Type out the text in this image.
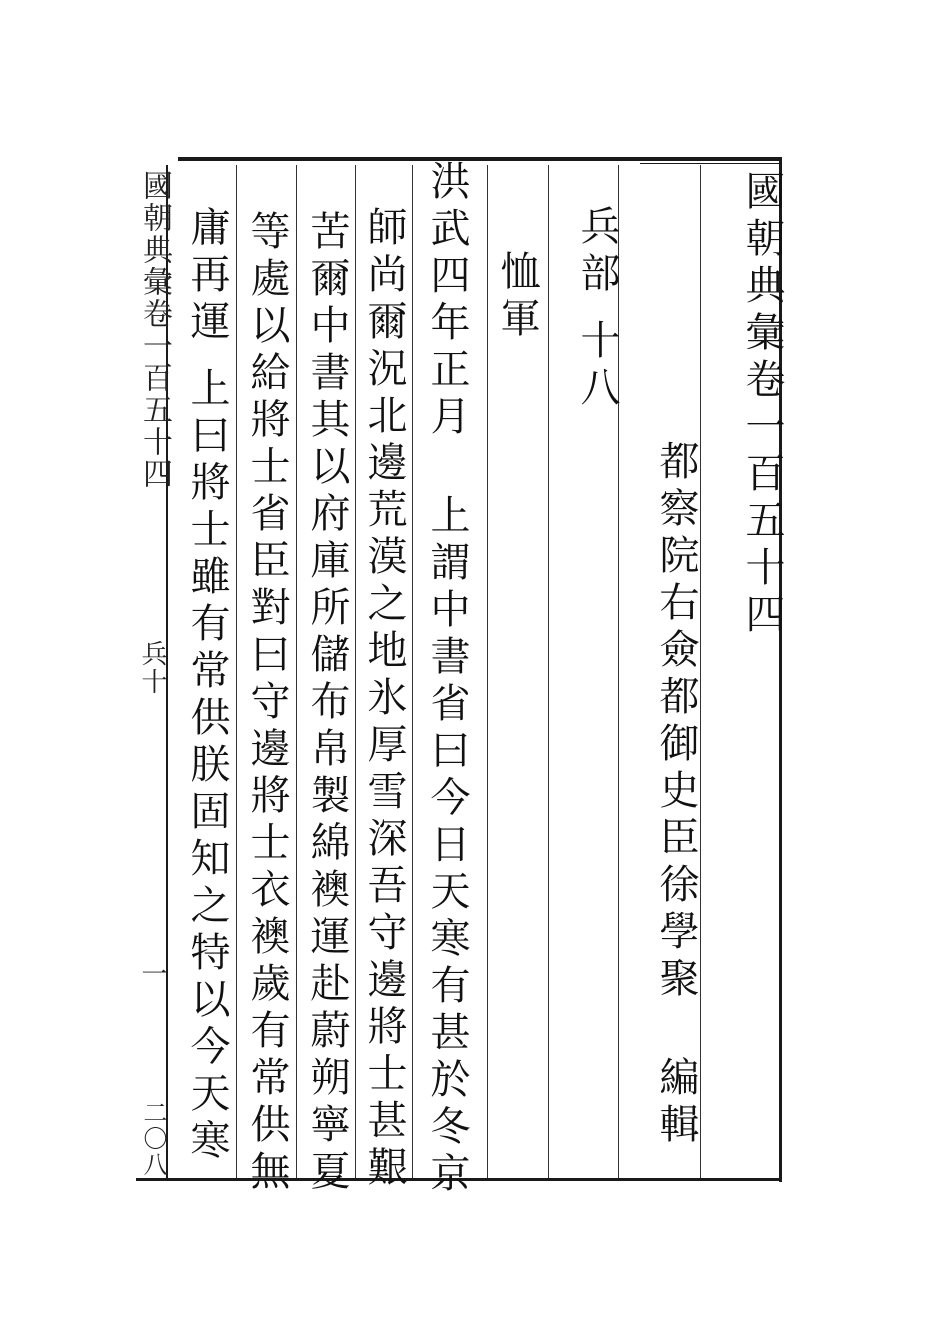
國朝典彙卷一百五十四
都察院右僉都御史臣徐學聚編輯
兵部十八
恤軍
洪武四年正月上謂中書省曰今日天寒有甚於冬京
師尚爾況北邊荒漠之地氷厚雪深吾守邊將士甚艱
苦爾中書其以府庫所儲布帛製綿襖運赴蔚朔寧夏
等處以給將士省臣對曰守邊將士衣襖歲有常供無
庸再運上曰將士雖有常供朕固知之特以今天寒
國朝典彙卷一百五十四
兵十
一
二〇八
